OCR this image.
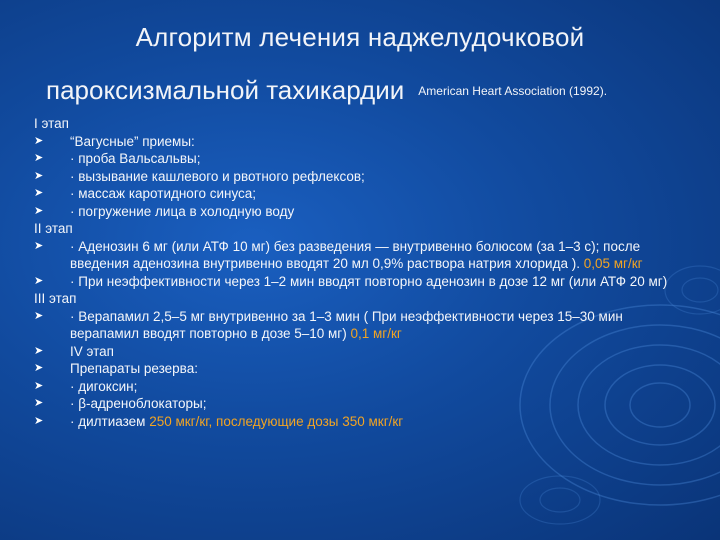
Алгоритм лечения наджелудочковой
пароксизмальной тахикардии American Heart Association (1992).

I этап

➤	“Вагусные” приемы:

➤	· проба Вальсальвы;

➤	· вызывание кашлевого и рвотного рефлексов;

➤	· массаж каротидного синуса;

➤	· погружение лица в холодную воду

II этап

➤	· Аденозин 6 мг (или АТФ 10 мг) без разведения — внутривенно болюсом (за 1–3 с); после введения аденозина внутривенно вводят 20 мл 0,9% раствора натрия хлорида ). 0,05 мг/кг

➤	· При неэффективности через 1–2 мин вводят повторно аденозин в дозе 12 мг (или АТФ 20 мг)

III этап

➤	· Верапамил 2,5–5 мг внутривенно за 1–3 мин ( При неэффективности через 15–30 мин верапамил вводят повторно в дозе 5–10 мг) 0,1 мг/кг

➤	IV этап

➤	Препараты резерва:

➤	· дигоксин;

➤	· β-адреноблокаторы;

➤	· дилтиазем 250 мкг/кг, последующие дозы 350 мкг/кг
